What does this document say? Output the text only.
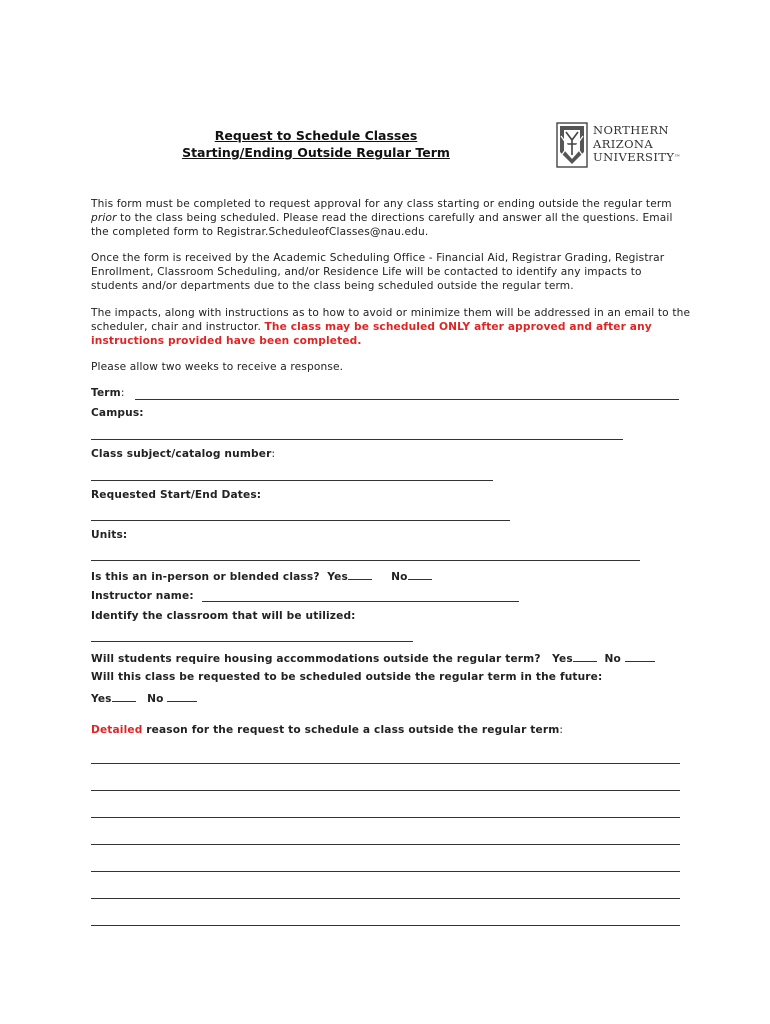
Request to Schedule Classes
Starting/Ending Outside Regular Term
NORTHERN
ARIZONA
UNIVERSITY™
This form must be completed to request approval for any class starting or ending outside the regular term prior to the class being scheduled. Please read the directions carefully and answer all the questions. Email the completed form to Registrar.ScheduleofClasses@nau.edu.
Once the form is received by the Academic Scheduling Office - Financial Aid, Registrar Grading, Registrar Enrollment, Classroom Scheduling, and/or Residence Life will be contacted to identify any impacts to students and/or departments due to the class being scheduled outside the regular term.
The impacts, along with instructions as to how to avoid or minimize them will be addressed in an email to the scheduler, chair and instructor. The class may be scheduled ONLY after approved and after any instructions provided have been completed.
Please allow two weeks to receive a response.
Term:
Campus:
Class subject/catalog number:
Requested Start/End Dates:
Units:
Is this an in-person or blended class? Yes	No
Instructor name:
Identify the classroom that will be utilized:
Will students require housing accommodations outside the regular term? Yes	No
Will this class be requested to be scheduled outside the regular term in the future:
Yes	No
Detailed reason for the request to schedule a class outside the regular term:
